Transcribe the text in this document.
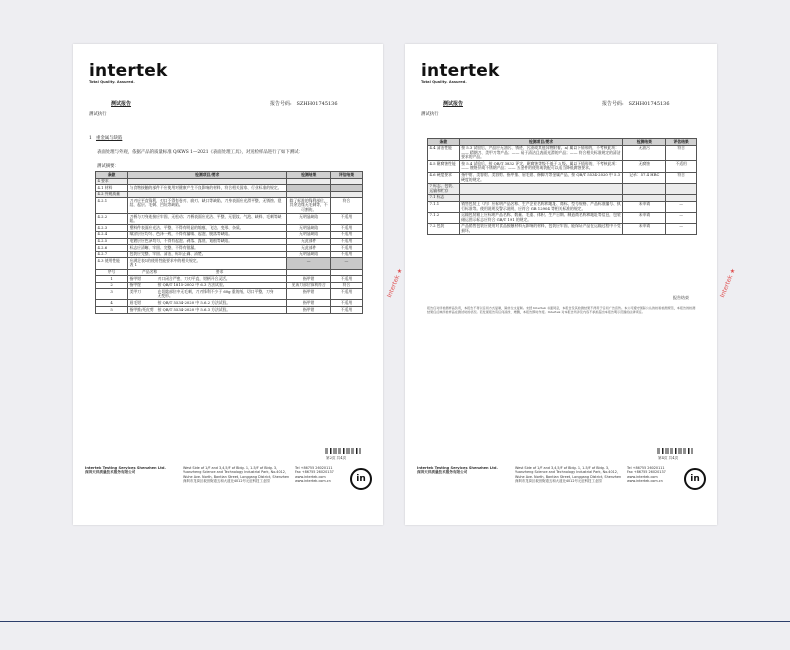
intertek
Total Quality. Assured.
测试报告	报告号码: SZHH01745136
测试执行
1 重金属与缺陷
表面处理与外观，依据产品的质量标准 Q/KWS 1—2021《表面处理工具》，对送检样品进行了如下测试：
测试摘要：
条款	检测项目/要求	检测结果	评估结果
4 要求			
4.1 材料	与食物接触的部件不应使用对健康产生不良影响的材料，符合相关国家、行业标准的规定。		
4.2 外观质量			
4.2.1	刀刃应平直锋利，刃口不得有卷刃、崩刃、缺口等缺陷，刀身表面应光滑平整，无锈蚀、裂纹、起层、毛刺、凹坑等缺陷。	除了标准的锋利部位，其余边缘无毛刺等，不可割伤。	符合
4.2.2	刀柄与刀身连接应牢固，无松动；刀柄表面应光洁、平整，无裂纹、气泡、缺料、毛刺等缺陷。	无明显缺陷	不适用
4.2.3	塑料件表面应光洁、平整，不得有明显的缩痕、飞边、变形、杂质。	无明显缺陷	不适用
4.2.4	喷涂层应均匀、色泽一致，不得有漏喷、起泡、脱落等缺陷。	无明显缺陷	不适用
4.2.5	电镀层应色泽均匀，不得有起泡、剥落、露底、划痕等缺陷。	无此部件	不适用
4.2.6	标志应清晰、牢固、完整，不得有错漏。	无此部件	不适用
4.2.7	包装应完整、牢固、清洁，标识正确、清楚。	无明显缺陷	不适用
4.3 使用性能	应满足表1的使用性能要求中的相关规定。
表 1	—	—
序号	产品名称 要求		
1	指甲钳 刃口闭合严密，刀刃平直，钳柄开合灵活。	指甲钳	不适用
2	指甲锉 按 QB/T 1815-2002 中 6.3 方法试验。	见该刀部位锋利符合	符合
3	美甲刀 在切除部位中无毛刺，刀刃锋利不少于 60g 重的纸，切口平整，刀身无变形。	指甲钳	不适用
4	眉毛钳 按 QB/T 5534-2020 中 5.6.2 方法试验。	指甲钳	不适用
5	指甲推/死皮剪 按 QB/T 5534-2020 中 5.6.3 方法试验。	指甲钳	不适用
第2页 共4页
Intertek Testing Services Shenzhen Ltd.
深圳天祥质量技术服务有限公司
West Side of 1/F and 3,4,5/F of Bldg. 1, 1-5/F of Bldg. 3, Yuanzheng Science and Technology Industrial Park, No.4012, Wuhe Ave. North, Bantian Street, Longgang District, Shenzhen
深圳市龙岗区坂田街道五和大道北4012号元征科技工业园
Tel +86755 26020111
Fax +86755 26020137
www.intertek.com
www.intertek.com.cn	in
Intertek ★
intertek
Total Quality. Assured.
测试报告	报告号码: SZHH01745136
测试执行
条款	检测项目/要求	检测结果	评估结果
4.4 清洁性能	按 5.3 试验后，产品应无油污、锈迹、污渍或其他异物附着。a) 属以下情形的，不考核此项：—— 精钢刀、美甲刀等产品；—— 易于清洁且表面光滑的产品；—— 符合相关标准规定的清洁要求的产品。	无油污	符合
4.5 耐腐蚀性能	按 5.4 试验后，按 QB/T 3832 评定，耐腐蚀等级不低于 3 级。属以下情形的，不考核此项：—— 镀铬层或不锈钢产品；—— 五金件的使用或装配可以适当降低腐蚀要求。	无腐蚀	不适用
4.6 硬度要求	指甲钳、美容钳、美容剪、指甲推、眉毛钳、修脚刀等金属产品，按 QB/T 5534-2020 中 5.3 硬度的规定。	记录：57.4 HRC	符合
7 标志、包装、运输和贮存			
7.1 标志			
7.1.1	销售包装上（内）应标明产品名称、生产企业名称和地址、商标、型号规格、产品标准编号、执行标准等。使用说明及警示说明，应符合 GB 12904 等相关标准的规定。	未申请	—
7.1.2	运输包装箱上应标明产品名称、数量、毛重、体积、生产日期、制造商名称和地址等信息，包装储运图示标志应符合 GB/T 191 的规定。	未申请	—
7.2 包装	产品销售包装应使用对食品接触材料无影响的材料，包装应牢固，能保证产品在运输过程中不受损坏。	未申请	—
报告结束
报告仅对所检测样品负责，本报告不得以任何方式复制，除非全文复制。未经 Intertek 书面同意，本报告及其检测结果不得用于任何广告宣传。本公司遵守国际公认的检验检测规范，本报告的检测结果仅反映所检样品在测试时的状况。若发现报告有任何涂改、增删，本报告即时作废。Intertek 对本报告所涉及内容不承担超出本报告明示范围的法律责任。
第4页 共4页
Intertek Testing Services Shenzhen Ltd.
深圳天祥质量技术服务有限公司
West Side of 1/F and 3,4,5/F of Bldg. 1, 1-5/F of Bldg. 3, Yuanzheng Science and Technology Industrial Park, No.4012, Wuhe Ave. North, Bantian Street, Longgang District, Shenzhen
深圳市龙岗区坂田街道五和大道北4012号元征科技工业园
Tel +86755 26020111
Fax +86755 26020137
www.intertek.com
www.intertek.com.cn	in
Intertek ★
